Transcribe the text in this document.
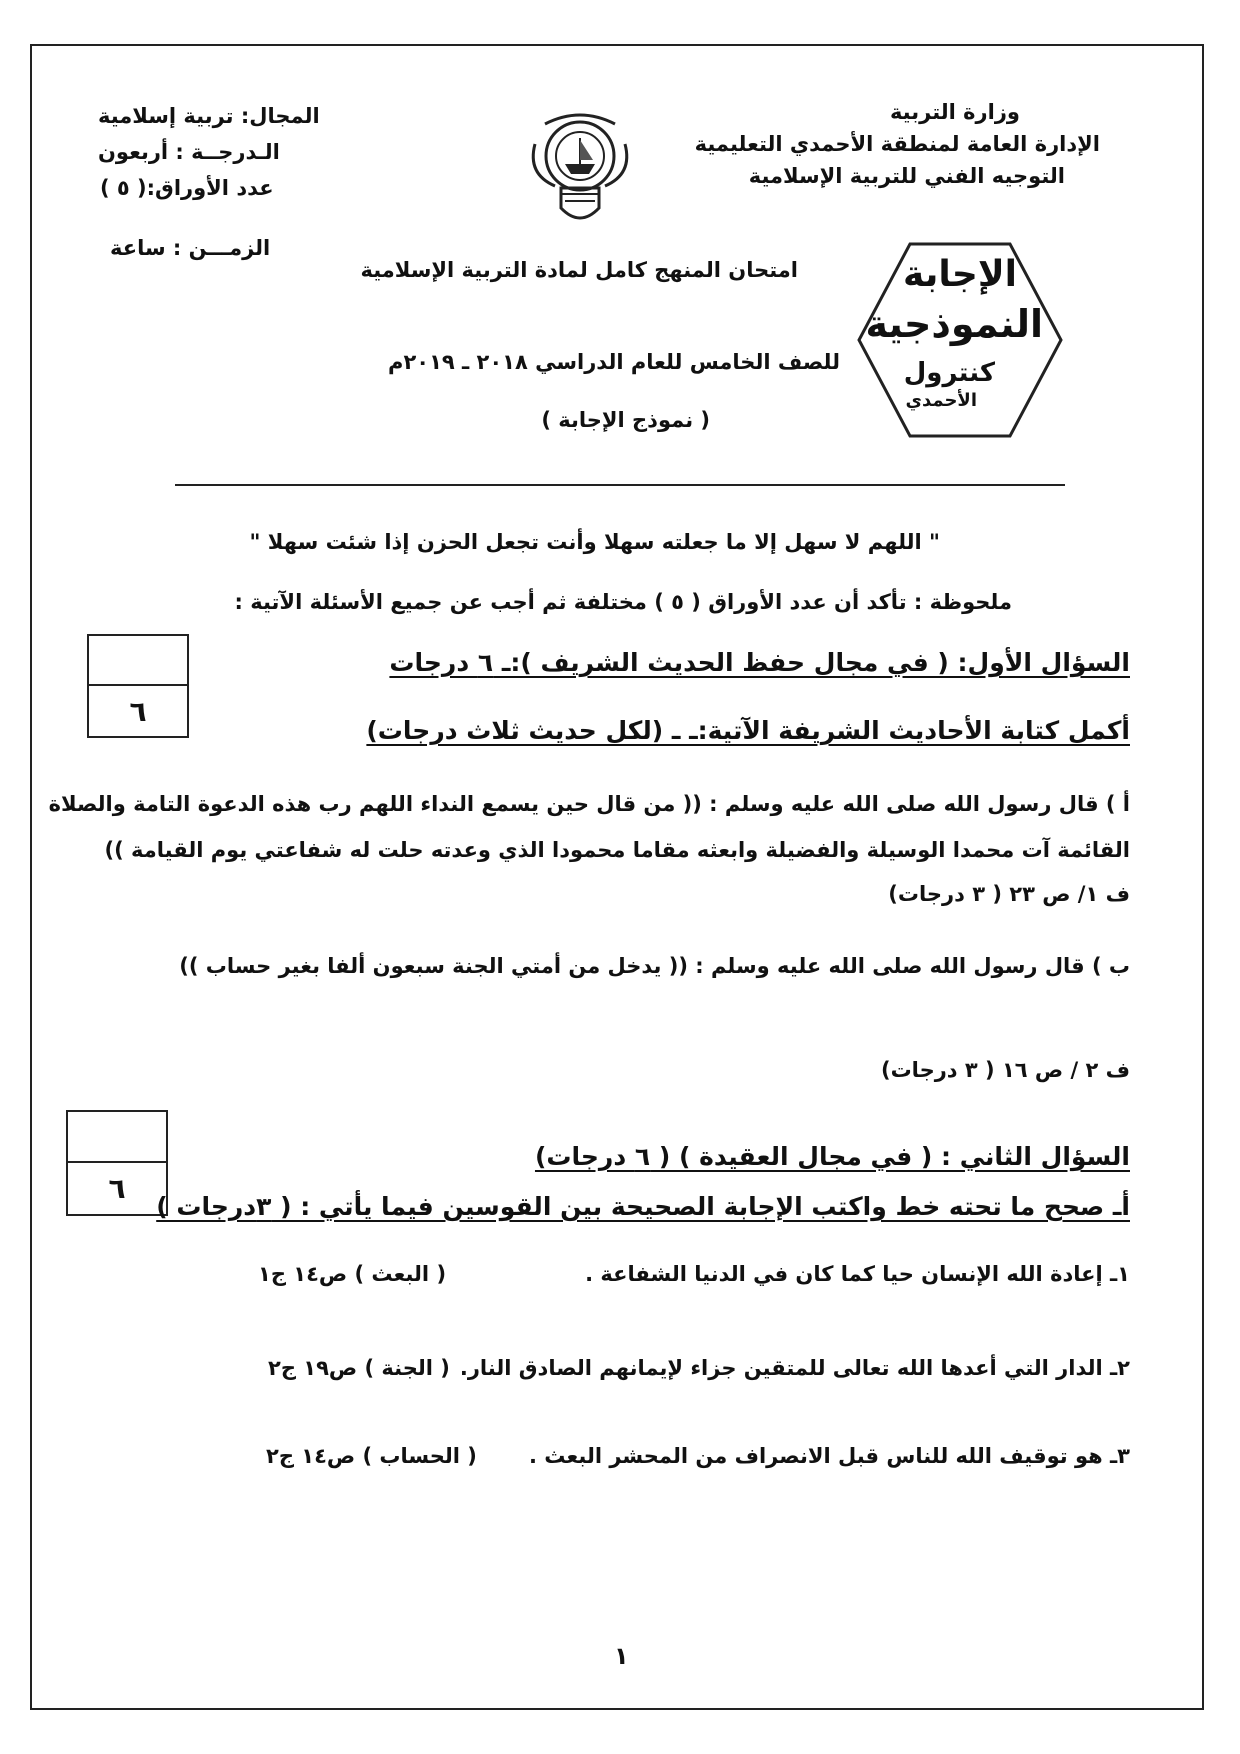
وزارة التربية
الإدارة العامة لمنطقة الأحمدي التعليمية
التوجيه الفني للتربية الإسلامية
المجال: تربية إسلامية
الـدرجــة : أربعون
عدد الأوراق:( ٥ )
الزمـــن : ساعة
الإجابة
النموذجية
كنترول
الأحمدي
امتحان المنهج كامل لمادة التربية الإسلامية
للصف الخامس للعام الدراسي ٢٠١٨ ـ ٢٠١٩م
( نموذج الإجابة )
" اللهم لا سهل إلا ما جعلته سهلا وأنت تجعل الحزن إذا شئت سهلا "
ملحوظة : تأكد أن عدد الأوراق ( ٥ ) مختلفة ثم أجب عن جميع الأسئلة الآتية :
٦
السؤال الأول: ( في مجال حفظ الحديث الشريف ):ـ ٦ درجات
أكمل كتابة الأحاديث الشريفة الآتية:ـ ـ (لكل حديث ثلاث درجات)
أ ) قال رسول الله صلى الله عليه وسلم : (( من قال حين يسمع النداء اللهم رب هذه الدعوة التامة والصلاة
القائمة آت محمدا الوسيلة والفضيلة وابعثه مقاما محمودا الذي وعدته حلت له شفاعتي يوم القيامة ))
ف ١/ ص ٢٣ ( ٣ درجات)
ب ) قال رسول الله صلى الله عليه وسلم : (( يدخل من أمتي الجنة سبعون ألفا بغير حساب ))
ف ٢ / ص ١٦ ( ٣ درجات)
٦
السؤال الثاني : ( في مجال العقيدة ) ( ٦ درجات)
أـ صحح ما تحته خط واكتب الإجابة الصحيحة بين القوسين فيما يأتي : ( ٣درجات )
١ـ إعادة الله الإنسان حيا كما كان في الدنيا الشفاعة .
( البعث ) ص١٤ ج١
٢ـ الدار التي أعدها الله تعالى للمتقين جزاء لإيمانهم الصادق النار.
( الجنة ) ص١٩ ج٢
٣ـ هو توقيف الله للناس قبل الانصراف من المحشر البعث .
( الحساب ) ص١٤ ج٢
١
